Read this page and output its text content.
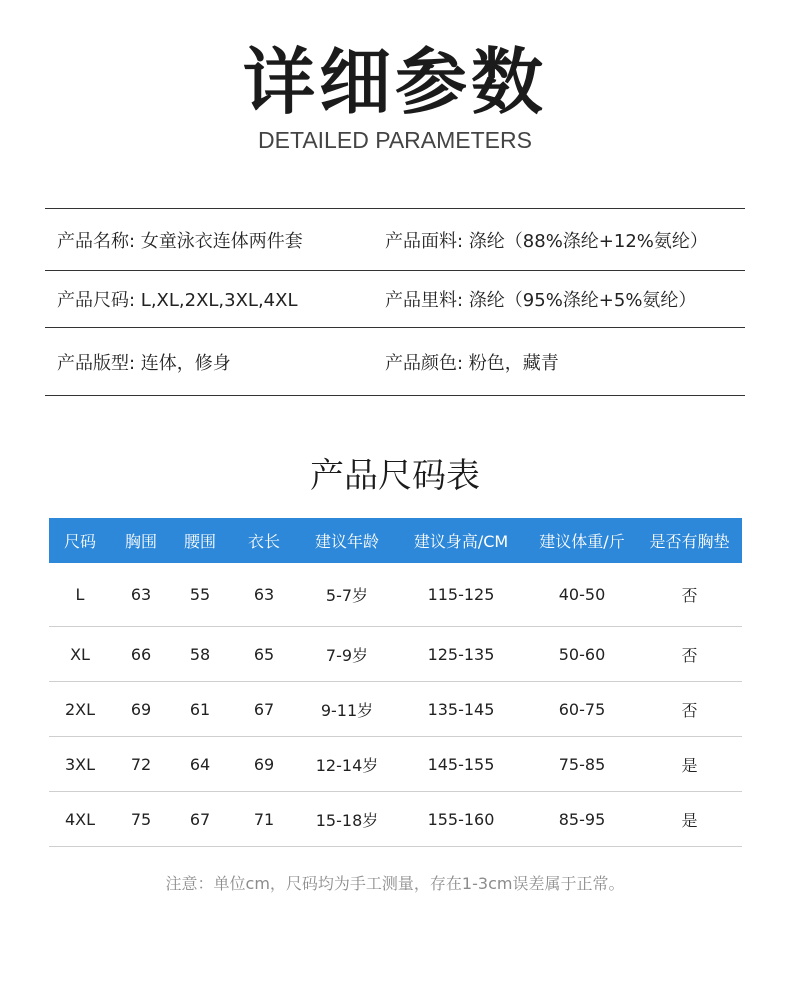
详细参数
DETAILED PARAMETERS
产品名称: 女童泳衣连体两件套	产品面料: 涤纶（88%涤纶+12%氨纶）
产品尺码: L,XL,2XL,3XL,4XL	产品里料: 涤纶（95%涤纶+5%氨纶）
产品版型: 连体，修身	产品颜色: 粉色，藏青
产品尺码表
尺码	胸围	腰围	衣长	建议年龄	建议身高/CM	建议体重/斤	是否有胸垫
L	63	55	63	5-7岁	115-125	40-50	否
XL	66	58	65	7-9岁	125-135	50-60	否
2XL	69	61	67	9-11岁	135-145	60-75	否
3XL	72	64	69	12-14岁	145-155	75-85	是
4XL	75	67	71	15-18岁	155-160	85-95	是
注意：单位cm，尺码均为手工测量，存在1-3cm误差属于正常。
